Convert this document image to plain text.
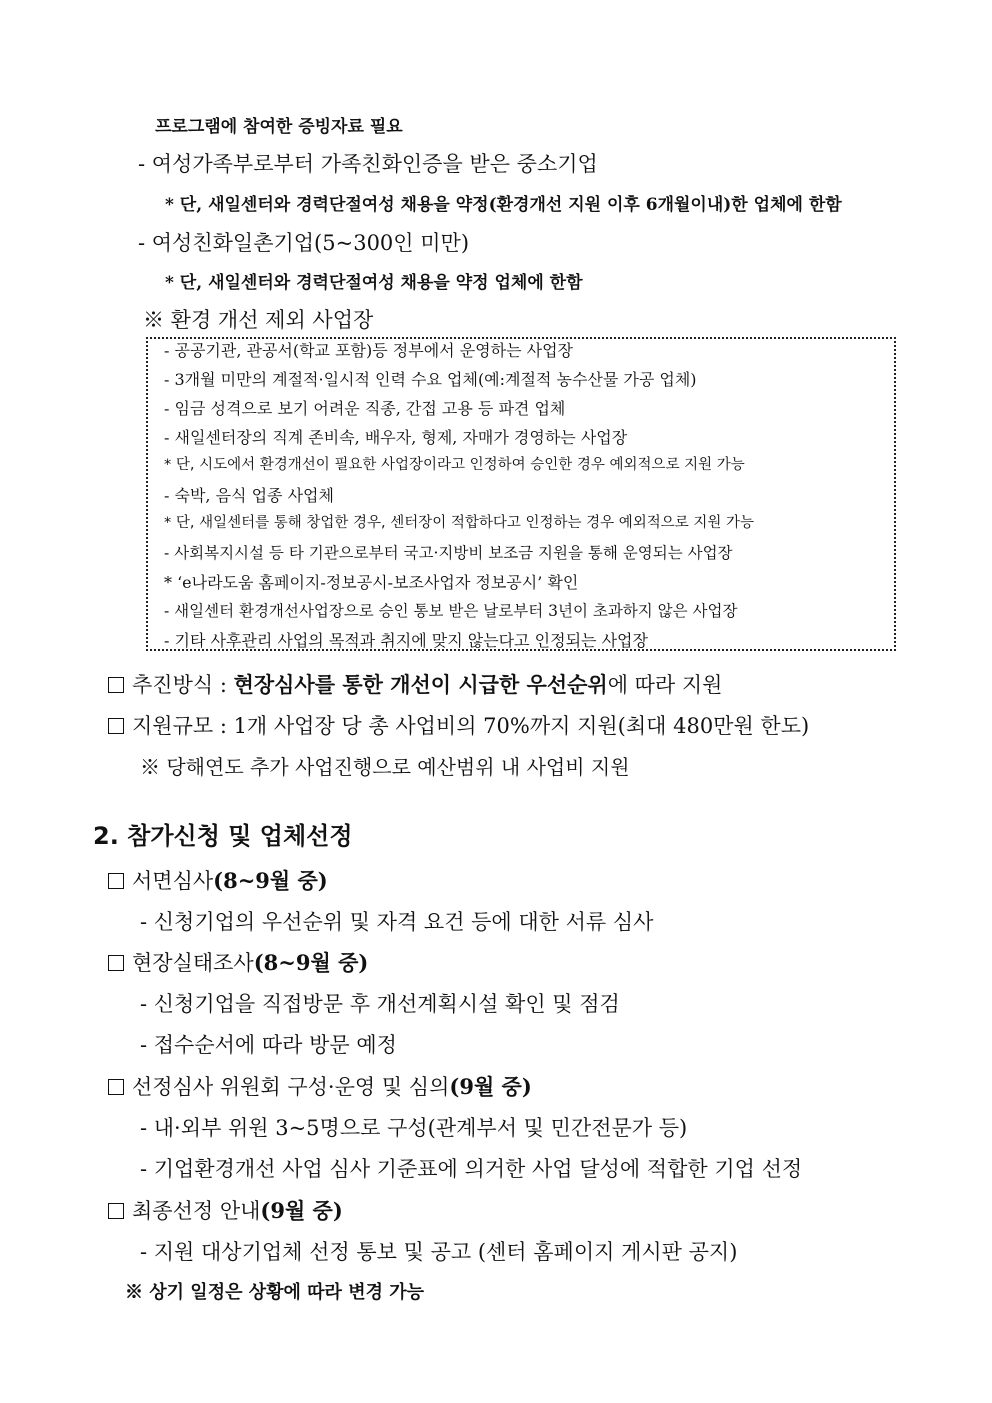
프로그램에 참여한 증빙자료 필요
- 여성가족부로부터 가족친화인증을 받은 중소기업
* 단, 새일센터와 경력단절여성 채용을 약정(환경개선 지원 이후 6개월이내)한 업체에 한함
- 여성친화일촌기업(5~300인 미만)
* 단, 새일센터와 경력단절여성 채용을 약정 업체에 한함
※ 환경 개선 제외 사업장
- 공공기관, 관공서(학교 포함)등 정부에서 운영하는 사업장
- 3개월 미만의 계절적·일시적 인력 수요 업체(예:계절적 농수산물 가공 업체)
- 임금 성격으로 보기 어려운 직종, 간접 고용 등 파견 업체
- 새일센터장의 직계 존비속, 배우자, 형제, 자매가 경영하는 사업장
* 단, 시도에서 환경개선이 필요한 사업장이라고 인정하여 승인한 경우 예외적으로 지원 가능
- 숙박, 음식 업종 사업체
* 단, 새일센터를 통해 창업한 경우, 센터장이 적합하다고 인정하는 경우 예외적으로 지원 가능
- 사회복지시설 등 타 기관으로부터 국고·지방비 보조금 지원을 통해 운영되는 사업장
* ‘e나라도움 홈페이지-정보공시-보조사업자 정보공시’ 확인
- 새일센터 환경개선사업장으로 승인 통보 받은 날로부터 3년이 초과하지 않은 사업장
- 기타 사후관리 사업의 목적과 취지에 맞지 않는다고 인정되는 사업장
추진방식 : 현장심사를 통한 개선이 시급한 우선순위에 따라 지원
지원규모 : 1개 사업장 당 총 사업비의 70%까지 지원(최대 480만원 한도)
※ 당해연도 추가 사업진행으로 예산범위 내 사업비 지원
2. 참가신청 및 업체선정
서면심사(8~9월 중)
- 신청기업의 우선순위 및 자격 요건 등에 대한 서류 심사
현장실태조사(8~9월 중)
- 신청기업을 직접방문 후 개선계획시설 확인 및 점검
- 접수순서에 따라 방문 예정
선정심사 위원회 구성·운영 및 심의(9월 중)
- 내·외부 위원 3~5명으로 구성(관계부서 및 민간전문가 등)
- 기업환경개선 사업 심사 기준표에 의거한 사업 달성에 적합한 기업 선정
최종선정 안내(9월 중)
- 지원 대상기업체 선정 통보 및 공고 (센터 홈페이지 게시판 공지)
※ 상기 일정은 상황에 따라 변경 가능
